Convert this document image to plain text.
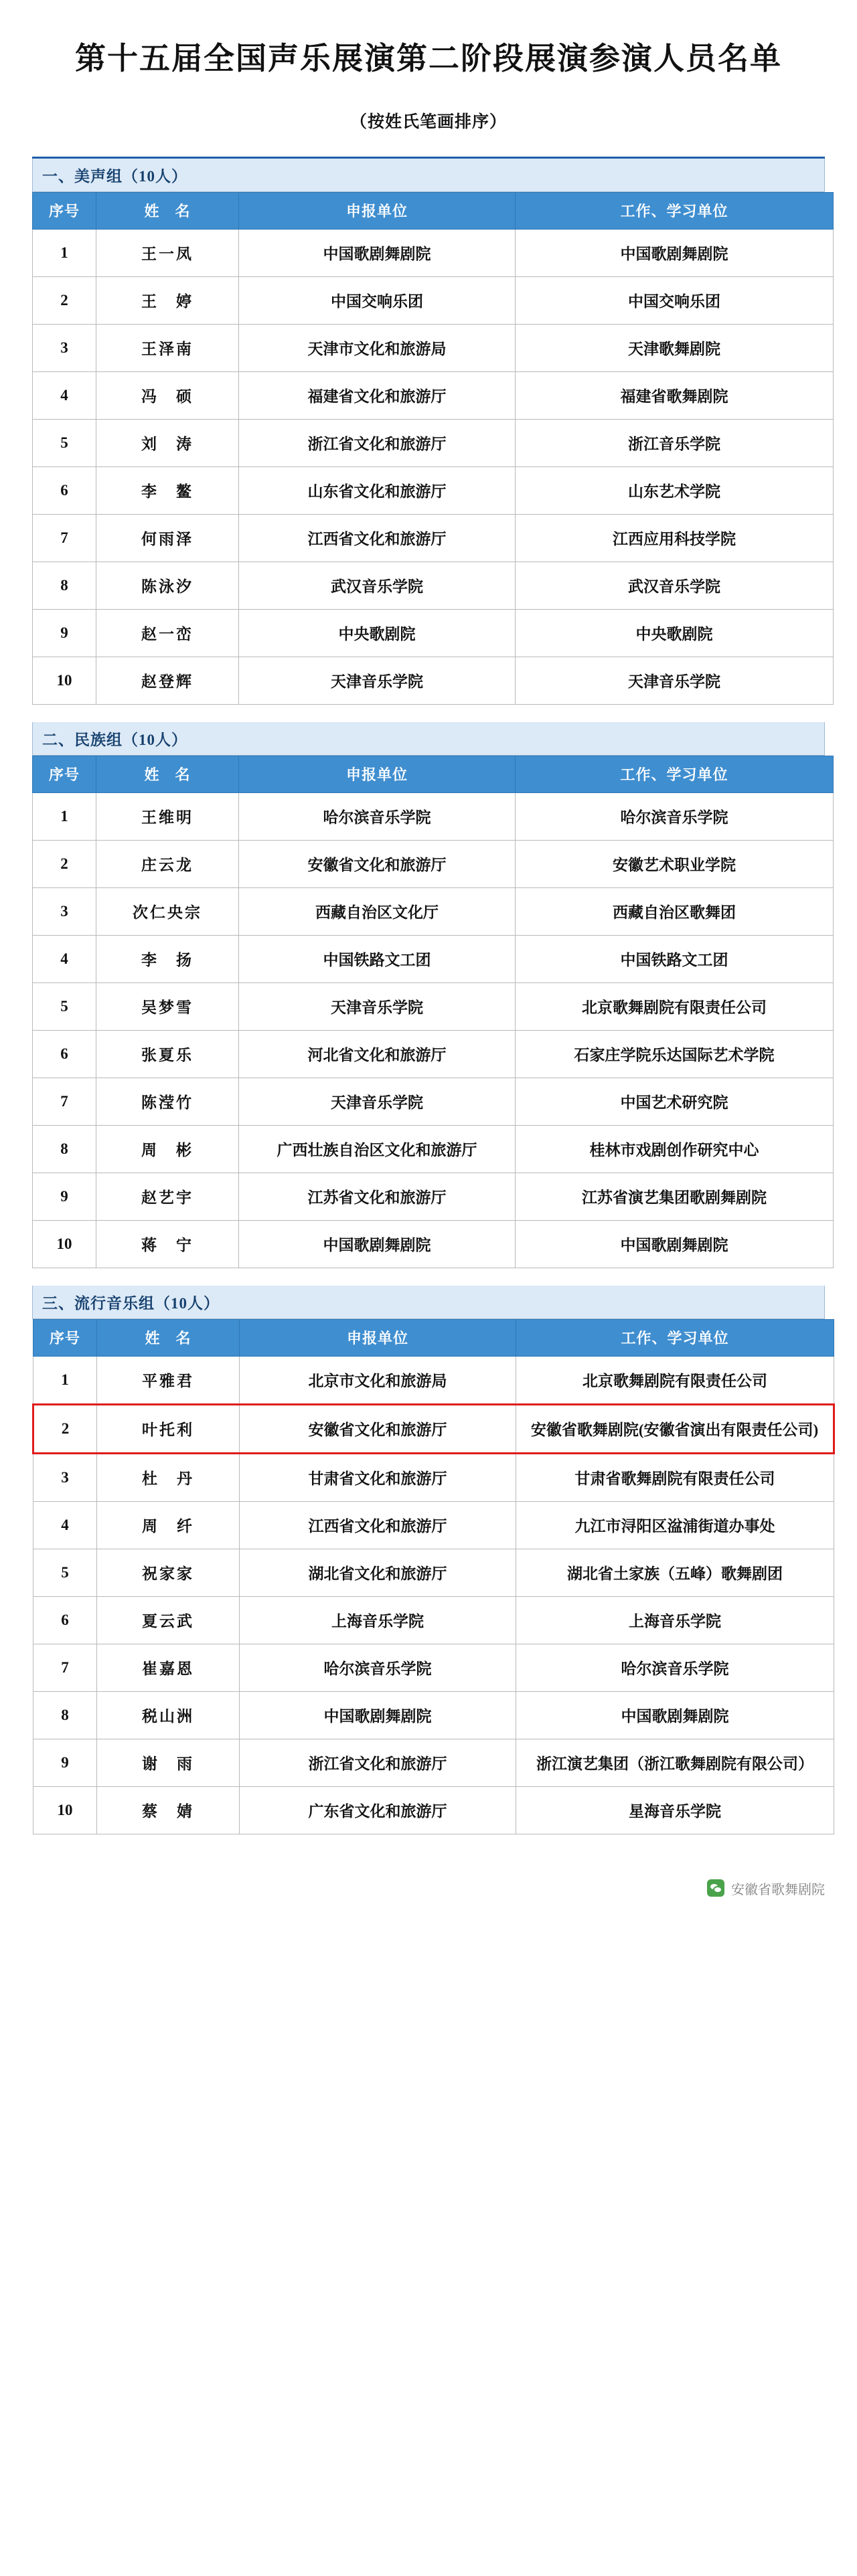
第十五届全国声乐展演第二阶段展演参演人员名单
（按姓氏笔画排序）
一、美声组（10人）
序号	姓　名	申报单位	工作、学习单位
1	王一凤	中国歌剧舞剧院	中国歌剧舞剧院
2	王　婷	中国交响乐团	中国交响乐团
3	王泽南	天津市文化和旅游局	天津歌舞剧院
4	冯　硕	福建省文化和旅游厅	福建省歌舞剧院
5	刘　涛	浙江省文化和旅游厅	浙江音乐学院
6	李　鳌	山东省文化和旅游厅	山东艺术学院
7	何雨泽	江西省文化和旅游厅	江西应用科技学院
8	陈泳汐	武汉音乐学院	武汉音乐学院
9	赵一峦	中央歌剧院	中央歌剧院
10	赵登辉	天津音乐学院	天津音乐学院
二、民族组（10人）
序号	姓　名	申报单位	工作、学习单位
1	王维明	哈尔滨音乐学院	哈尔滨音乐学院
2	庄云龙	安徽省文化和旅游厅	安徽艺术职业学院
3	次仁央宗	西藏自治区文化厅	西藏自治区歌舞团
4	李　扬	中国铁路文工团	中国铁路文工团
5	吴梦雪	天津音乐学院	北京歌舞剧院有限责任公司
6	张夏乐	河北省文化和旅游厅	石家庄学院乐达国际艺术学院
7	陈滢竹	天津音乐学院	中国艺术研究院
8	周　彬	广西壮族自治区文化和旅游厅	桂林市戏剧创作研究中心
9	赵艺宇	江苏省文化和旅游厅	江苏省演艺集团歌剧舞剧院
10	蒋　宁	中国歌剧舞剧院	中国歌剧舞剧院
三、流行音乐组（10人）
序号	姓　名	申报单位	工作、学习单位
1	平雅君	北京市文化和旅游局	北京歌舞剧院有限责任公司
2	叶托利	安徽省文化和旅游厅	安徽省歌舞剧院(安徽省演出有限责任公司)
3	杜　丹	甘肃省文化和旅游厅	甘肃省歌舞剧院有限责任公司
4	周　纤	江西省文化和旅游厅	九江市浔阳区湓浦街道办事处
5	祝家家	湖北省文化和旅游厅	湖北省土家族（五峰）歌舞剧团
6	夏云武	上海音乐学院	上海音乐学院
7	崔嘉恩	哈尔滨音乐学院	哈尔滨音乐学院
8	税山洲	中国歌剧舞剧院	中国歌剧舞剧院
9	谢　雨	浙江省文化和旅游厅	浙江演艺集团（浙江歌舞剧院有限公司）
10	蔡　婧	广东省文化和旅游厅	星海音乐学院
安徽省歌舞剧院
